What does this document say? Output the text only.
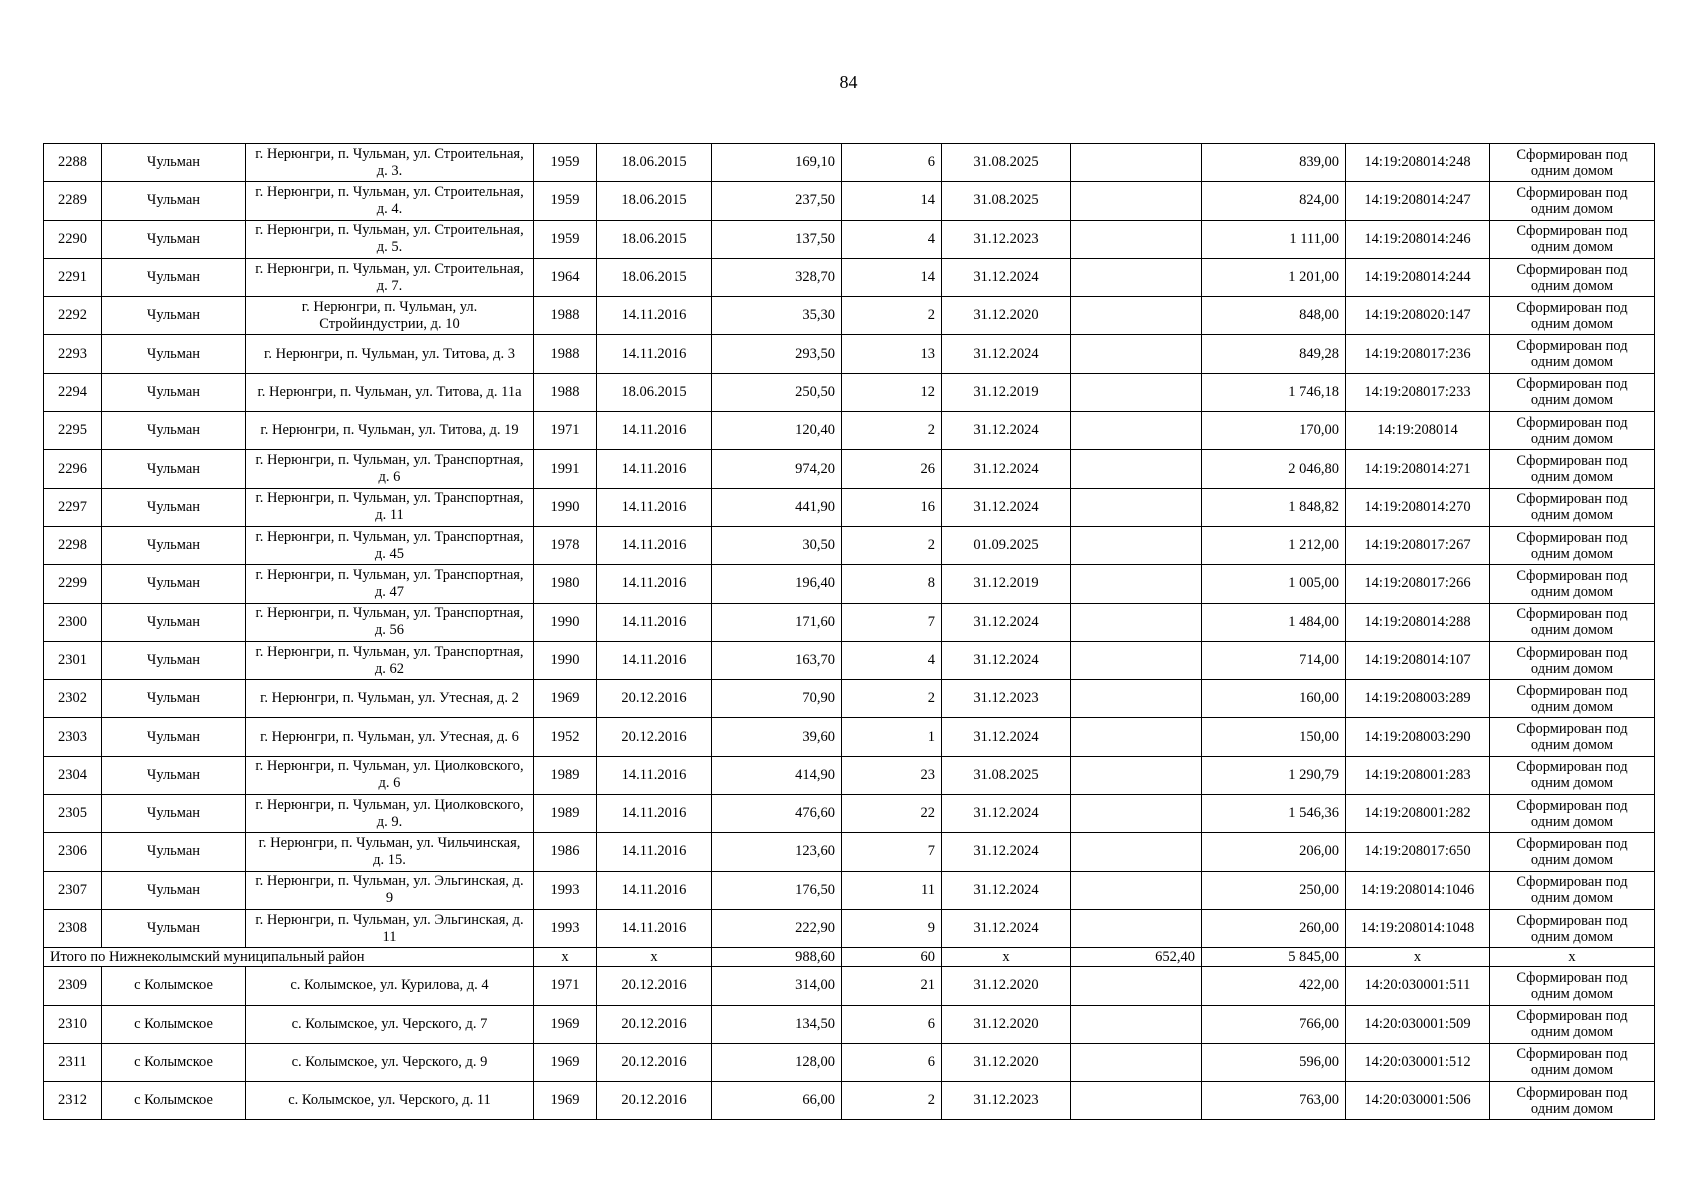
84
2288	Чульман	г. Нерюнгри, п. Чульман, ул. Строительная, д. 3.	1959	18.06.2015	169,10	6	31.08.2025		839,00	14:19:208014:248	Сформирован под одним домом
2289	Чульман	г. Нерюнгри, п. Чульман, ул. Строительная, д. 4.	1959	18.06.2015	237,50	14	31.08.2025		824,00	14:19:208014:247	Сформирован под одним домом
2290	Чульман	г. Нерюнгри, п. Чульман, ул. Строительная, д. 5.	1959	18.06.2015	137,50	4	31.12.2023		1 111,00	14:19:208014:246	Сформирован под одним домом
2291	Чульман	г. Нерюнгри, п. Чульман, ул. Строительная, д. 7.	1964	18.06.2015	328,70	14	31.12.2024		1 201,00	14:19:208014:244	Сформирован под одним домом
2292	Чульман	г. Нерюнгри, п. Чульман, ул. Стройиндустрии, д. 10	1988	14.11.2016	35,30	2	31.12.2020		848,00	14:19:208020:147	Сформирован под одним домом
2293	Чульман	г. Нерюнгри, п. Чульман, ул. Титова, д. 3	1988	14.11.2016	293,50	13	31.12.2024		849,28	14:19:208017:236	Сформирован под одним домом
2294	Чульман	г. Нерюнгри, п. Чульман, ул. Титова, д. 11а	1988	18.06.2015	250,50	12	31.12.2019		1 746,18	14:19:208017:233	Сформирован под одним домом
2295	Чульман	г. Нерюнгри, п. Чульман, ул. Титова, д. 19	1971	14.11.2016	120,40	2	31.12.2024		170,00	14:19:208014	Сформирован под одним домом
2296	Чульман	г. Нерюнгри, п. Чульман, ул. Транспортная, д. 6	1991	14.11.2016	974,20	26	31.12.2024		2 046,80	14:19:208014:271	Сформирован под одним домом
2297	Чульман	г. Нерюнгри, п. Чульман, ул. Транспортная, д. 11	1990	14.11.2016	441,90	16	31.12.2024		1 848,82	14:19:208014:270	Сформирован под одним домом
2298	Чульман	г. Нерюнгри, п. Чульман, ул. Транспортная, д. 45	1978	14.11.2016	30,50	2	01.09.2025		1 212,00	14:19:208017:267	Сформирован под одним домом
2299	Чульман	г. Нерюнгри, п. Чульман, ул. Транспортная, д. 47	1980	14.11.2016	196,40	8	31.12.2019		1 005,00	14:19:208017:266	Сформирован под одним домом
2300	Чульман	г. Нерюнгри, п. Чульман, ул. Транспортная, д. 56	1990	14.11.2016	171,60	7	31.12.2024		1 484,00	14:19:208014:288	Сформирован под одним домом
2301	Чульман	г. Нерюнгри, п. Чульман, ул. Транспортная, д. 62	1990	14.11.2016	163,70	4	31.12.2024		714,00	14:19:208014:107	Сформирован под одним домом
2302	Чульман	г. Нерюнгри, п. Чульман, ул. Утесная, д. 2	1969	20.12.2016	70,90	2	31.12.2023		160,00	14:19:208003:289	Сформирован под одним домом
2303	Чульман	г. Нерюнгри, п. Чульман, ул. Утесная, д. 6	1952	20.12.2016	39,60	1	31.12.2024		150,00	14:19:208003:290	Сформирован под одним домом
2304	Чульман	г. Нерюнгри, п. Чульман, ул. Циолковского, д. 6	1989	14.11.2016	414,90	23	31.08.2025		1 290,79	14:19:208001:283	Сформирован под одним домом
2305	Чульман	г. Нерюнгри, п. Чульман, ул. Циолковского, д. 9.	1989	14.11.2016	476,60	22	31.12.2024		1 546,36	14:19:208001:282	Сформирован под одним домом
2306	Чульман	г. Нерюнгри, п. Чульман, ул. Чильчинская, д. 15.	1986	14.11.2016	123,60	7	31.12.2024		206,00	14:19:208017:650	Сформирован под одним домом
2307	Чульман	г. Нерюнгри, п. Чульман, ул. Эльгинская, д. 9	1993	14.11.2016	176,50	11	31.12.2024		250,00	14:19:208014:1046	Сформирован под одним домом
2308	Чульман	г. Нерюнгри, п. Чульман, ул. Эльгинская, д. 11	1993	14.11.2016	222,90	9	31.12.2024		260,00	14:19:208014:1048	Сформирован под одним домом
Итого по Нижнеколымский муниципальный район			х	х	988,60	60	х	652,40	5 845,00	х	х
2309	с Колымское	с. Колымское, ул. Курилова, д. 4	1971	20.12.2016	314,00	21	31.12.2020		422,00	14:20:030001:511	Сформирован под одним домом
2310	с Колымское	с. Колымское, ул. Черского, д. 7	1969	20.12.2016	134,50	6	31.12.2020		766,00	14:20:030001:509	Сформирован под одним домом
2311	с Колымское	с. Колымское, ул. Черского, д. 9	1969	20.12.2016	128,00	6	31.12.2020		596,00	14:20:030001:512	Сформирован под одним домом
2312	с Колымское	с. Колымское, ул. Черского, д. 11	1969	20.12.2016	66,00	2	31.12.2023		763,00	14:20:030001:506	Сформирован под одним домом
